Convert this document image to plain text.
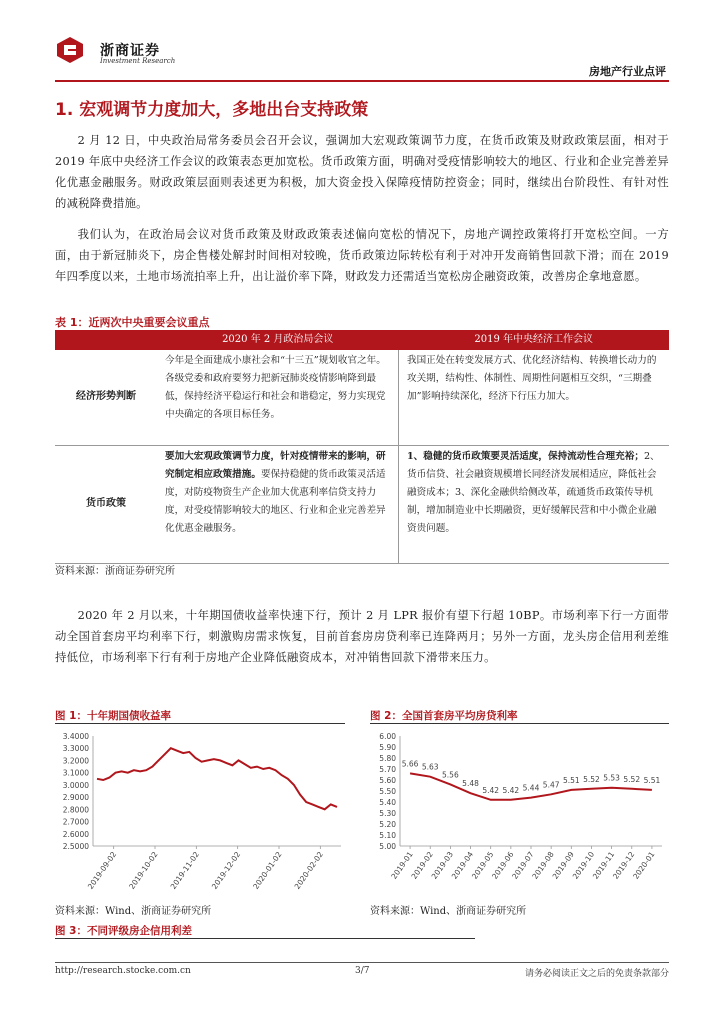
浙商证券
Investment Research
房地产行业点评
1. 宏观调节力度加大，多地出台支持政策

2 月 12 日，中央政治局常务委员会召开会议，强调加大宏观政策调节力度，在货币政策及财政政策层面，相对于 2019 年底中央经济工作会议的政策表态更加宽松。货币政策方面，明确对受疫情影响较大的地区、行业和企业完善差异化优惠金融服务。财政政策层面则表述更为积极，加大资金投入保障疫情防控资金；同时，继续出台阶段性、有针对性的减税降费措施。

我们认为，在政治局会议对货币政策及财政政策表述偏向宽松的情况下，房地产调控政策将打开宽松空间。一方面，由于新冠肺炎下，房企售楼处解封时间相对较晚，货币政策边际转松有利于对冲开发商销售回款下滑；而在 2019 年四季度以来，土地市场流拍率上升，出让溢价率下降，财政发力还需适当宽松房企融资政策，改善房企拿地意愿。

表 1：近两次中央重要会议重点
	2020 年 2 月政治局会议	2019 年中央经济工作会议
经济形势判断	今年是全面建成小康社会和“十三五”规划收官之年。各级党委和政府要努力把新冠肺炎疫情影响降到最低，保持经济平稳运行和社会和谐稳定，努力实现党中央确定的各项目标任务。	我国正处在转变发展方式、优化经济结构、转换增长动力的攻关期，结构性、体制性、周期性问题相互交织，“三期叠加”影响持续深化，经济下行压力加大。
货币政策	要加大宏观政策调节力度，针对疫情带来的影响，研究制定相应政策措施。要保持稳健的货币政策灵活适度，对防疫物资生产企业加大优惠利率信贷支持力度，对受疫情影响较大的地区、行业和企业完善差异化优惠金融服务。	1、稳健的货币政策要灵活适度，保持流动性合理充裕；2、货币信贷、社会融资规模增长同经济发展相适应，降低社会融资成本；3、深化金融供给侧改革，疏通货币政策传导机制，增加制造业中长期融资，更好缓解民营和中小微企业融资贵问题。
资料来源：浙商证券研究所

2020 年 2 月以来，十年期国债收益率快速下行，预计 2 月 LPR 报价有望下行超 10BP。市场利率下行一方面带动全国首套房平均利率下行，刺激购房需求恢复，目前首套房房贷利率已连降两月；另外一方面，龙头房企信用利差维持低位，市场利率下行有利于房地产企业降低融资成本，对冲销售回款下滑带来压力。

图 1：十年期国债收益率
3.4000
3.3000
3.2000
3.1000
3.0000
2.9000
2.8000
2.7000
2.6000
2.5000
2019-09-02 2019-10-02 2019-11-02 2019-12-02 2020-01-02 2020-02-02
资料来源：Wind、浙商证券研究所
图 2：全国首套房平均房贷利率
6.00
5.90
5.80
5.70
5.60
5.50
5.40
5.30
5.20
5.10
5.00
2019-01
2019-02
2019-03
2019-04
2019-05
2019-06
2019-07
2019-08
2019-09
2019-10
2019-11
2019-12
2020-01
5.66 5.63
5.56
5.48
5.42 5.42 5.44 5.47 5.51 5.52 5.53 5.52 5.51
资料来源：Wind、浙商证券研究所
图 3：不同评级房企信用利差
http://research.stocke.com.cn	3/7	请务必阅读正文之后的免责条款部分
